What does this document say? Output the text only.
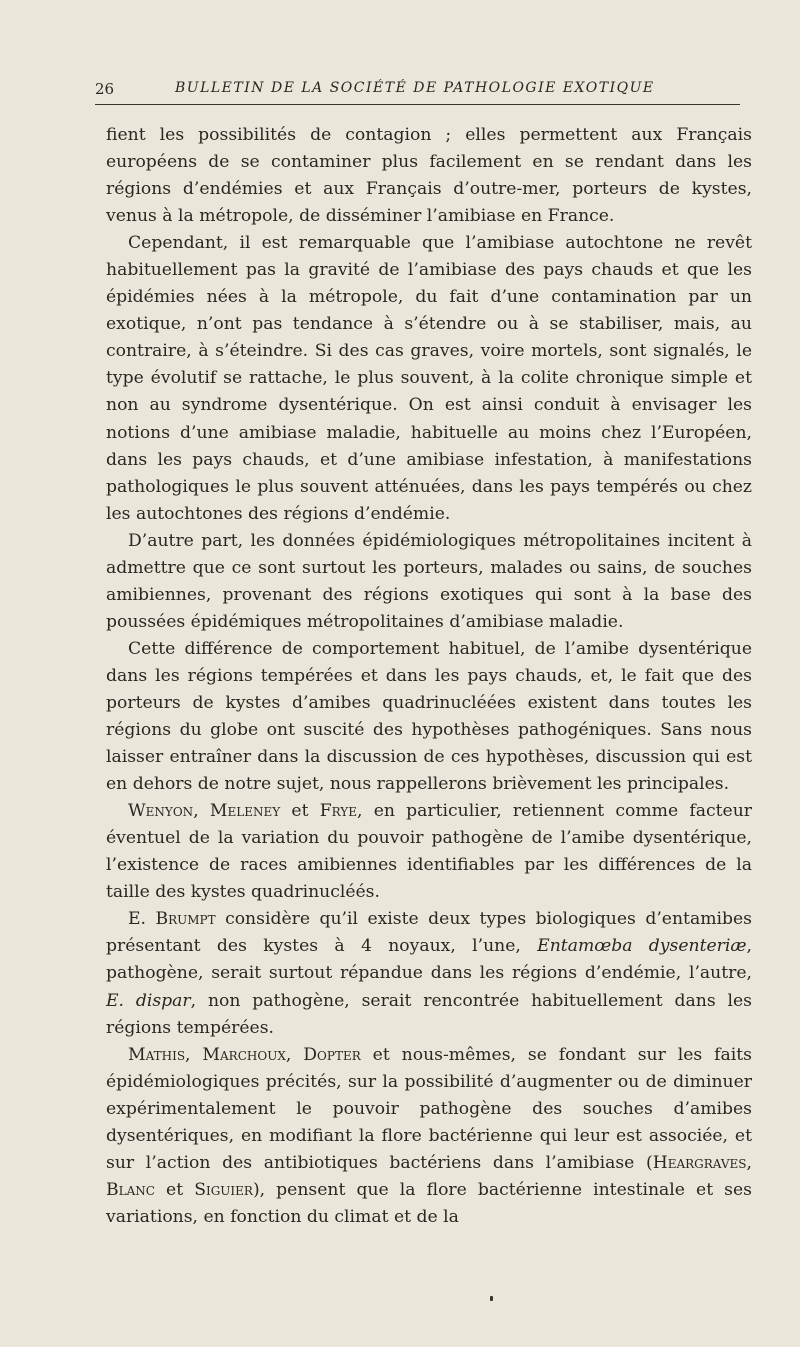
26	BULLETIN DE LA SOCIÉTÉ DE PATHOLOGIE EXOTIQUE

fient les possibilités de contagion ; elles permettent aux Français européens de se contaminer plus facilement en se rendant dans les régions d’endémies et aux Français d’outre-mer, porteurs de kystes, venus à la métropole, de disséminer l’amibiase en France.

Cependant, il est remarquable que l’amibiase autochtone ne revêt habituellement pas la gravité de l’amibiase des pays chauds et que les épidémies nées à la métropole, du fait d’une contamination par un exotique, n’ont pas tendance à s’étendre ou à se stabiliser, mais, au contraire, à s’éteindre. Si des cas graves, voire mortels, sont signalés, le type évolutif se rattache, le plus souvent, à la colite chronique simple et non au syndrome dysentérique. On est ainsi conduit à envisager les notions d’une amibiase maladie, habituelle au moins chez l’Européen, dans les pays chauds, et d’une amibiase infestation, à manifestations pathologiques le plus souvent atténuées, dans les pays tempérés ou chez les autochtones des régions d’endémie.

D’autre part, les données épidémiologiques métropolitaines incitent à admettre que ce sont surtout les porteurs, malades ou sains, de souches amibiennes, provenant des régions exotiques qui sont à la base des poussées épidémiques métropolitaines d’amibiase maladie.

Cette différence de comportement habituel, de l’amibe dysentérique dans les régions tempérées et dans les pays chauds, et, le fait que des porteurs de kystes d’amibes quadrinucléées existent dans toutes les régions du globe ont suscité des hypothèses pathogéniques. Sans nous laisser entraîner dans la discussion de ces hypothèses, discussion qui est en dehors de notre sujet, nous rappellerons brièvement les principales.

Wenyon, Meleney et Frye, en particulier, retiennent comme facteur éventuel de la variation du pouvoir pathogène de l’amibe dysentérique, l’existence de races amibiennes identifiables par les différences de la taille des kystes quadrinucléés.

E. Brumpt considère qu’il existe deux types biologiques d’entamibes présentant des kystes à 4 noyaux, l’une, Entamœba dysenteriæ, pathogène, serait surtout répandue dans les régions d’endémie, l’autre, E. dispar, non pathogène, serait rencontrée habituellement dans les régions tempérées.

Mathis, Marchoux, Dopter et nous-mêmes, se fondant sur les faits épidémiologiques précités, sur la possibilité d’augmenter ou de diminuer expérimentalement le pouvoir pathogène des souches d’amibes dysentériques, en modifiant la flore bactérienne qui leur est associée, et sur l’action des antibiotiques bactériens dans l’amibiase (Heargraves, Blanc et Siguier), pensent que la flore bactérienne intestinale et ses variations, en fonction du climat et de la
